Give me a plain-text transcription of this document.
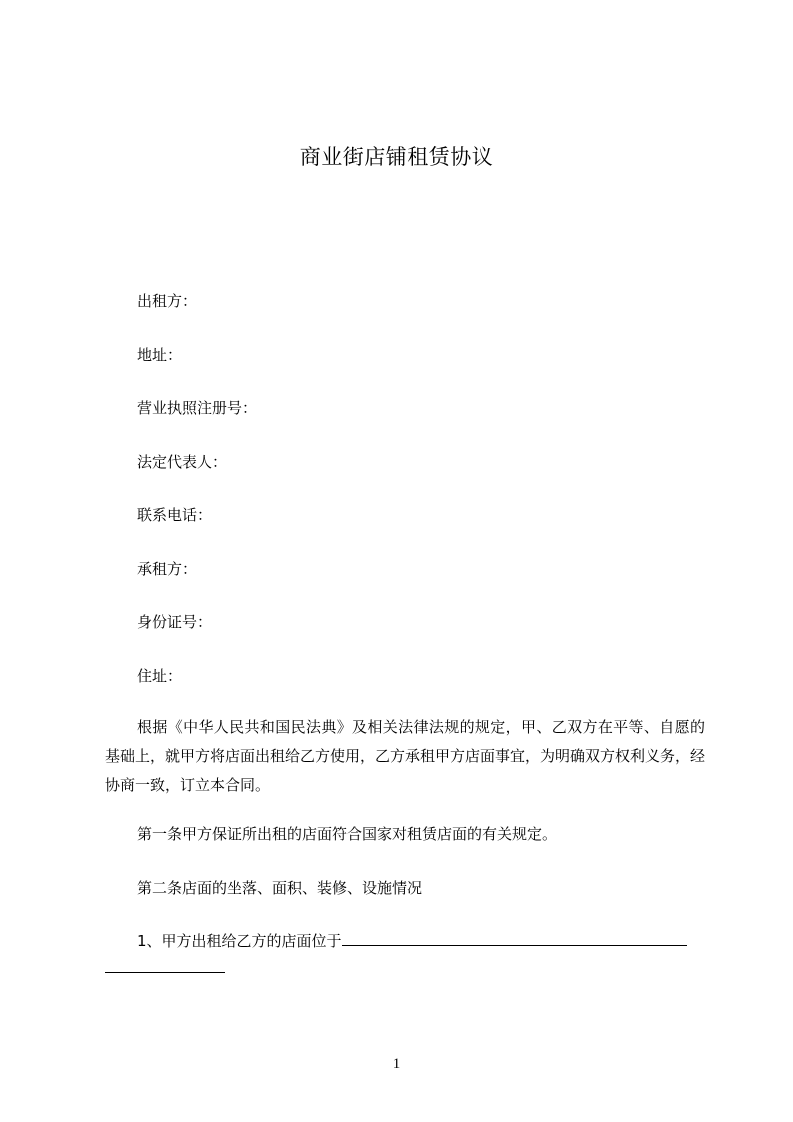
商业街店铺租赁协议
出租方：
地址：
营业执照注册号：
法定代表人：
联系电话：
承租方：
身份证号：
住址：
根据《中华人民共和国民法典》及相关法律法规的规定，甲、乙双方在平等、自愿的基础上，就甲方将店面出租给乙方使用，乙方承租甲方店面事宜，为明确双方权利义务，经协商一致，订立本合同。
第一条甲方保证所出租的店面符合国家对租赁店面的有关规定。
第二条店面的坐落、面积、装修、设施情况
1、甲方出租给乙方的店面位于
1
